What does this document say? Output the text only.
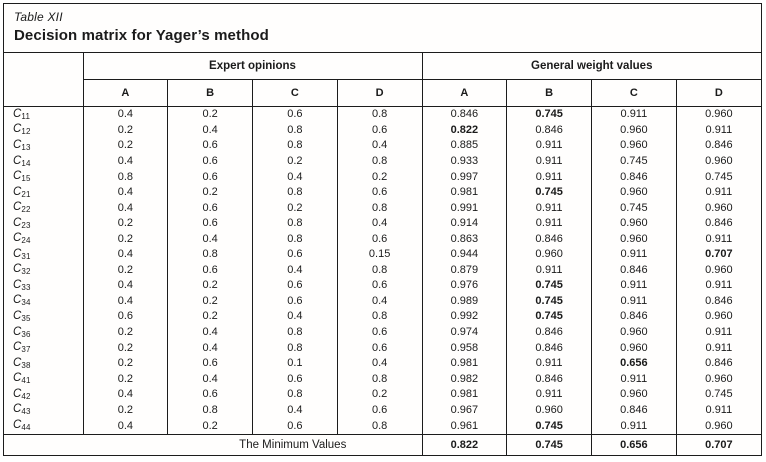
Table XII
Decision matrix for Yager’s method
	Expert opinions				General weight values			
	A	B	C	D	A	B	C	D
$C_{11}$	0.4	0.2	0.6	0.8	0.846	0.745	0.911	0.960
$C_{12}$	0.2	0.4	0.8	0.6	0.822	0.846	0.960	0.911
$C_{13}$	0.2	0.6	0.8	0.4	0.885	0.911	0.960	0.846
$C_{14}$	0.4	0.6	0.2	0.8	0.933	0.911	0.745	0.960
$C_{15}$	0.8	0.6	0.4	0.2	0.997	0.911	0.846	0.745
$C_{21}$	0.4	0.2	0.8	0.6	0.981	0.745	0.960	0.911
$C_{22}$	0.4	0.6	0.2	0.8	0.991	0.911	0.745	0.960
$C_{23}$	0.2	0.6	0.8	0.4	0.914	0.911	0.960	0.846
$C_{24}$	0.2	0.4	0.8	0.6	0.863	0.846	0.960	0.911
$C_{31}$	0.4	0.8	0.6	0.15	0.944	0.960	0.911	0.707
$C_{32}$	0.2	0.6	0.4	0.8	0.879	0.911	0.846	0.960
$C_{33}$	0.4	0.2	0.6	0.6	0.976	0.745	0.911	0.911
$C_{34}$	0.4	0.2	0.6	0.4	0.989	0.745	0.911	0.846
$C_{35}$	0.6	0.2	0.4	0.8	0.992	0.745	0.846	0.960
$C_{36}$	0.2	0.4	0.8	0.6	0.974	0.846	0.960	0.911
$C_{37}$	0.2	0.4	0.8	0.6	0.958	0.846	0.960	0.911
$C_{38}$	0.2	0.6	0.1	0.4	0.981	0.911	0.656	0.846
$C_{41}$	0.2	0.4	0.6	0.8	0.982	0.846	0.911	0.960
$C_{42}$	0.4	0.6	0.8	0.2	0.981	0.911	0.960	0.745
$C_{43}$	0.2	0.8	0.4	0.6	0.967	0.960	0.846	0.911
$C_{44}$	0.4	0.2	0.6	0.8	0.961	0.745	0.911	0.960
The Minimum Values					0.822	0.745	0.656	0.707
